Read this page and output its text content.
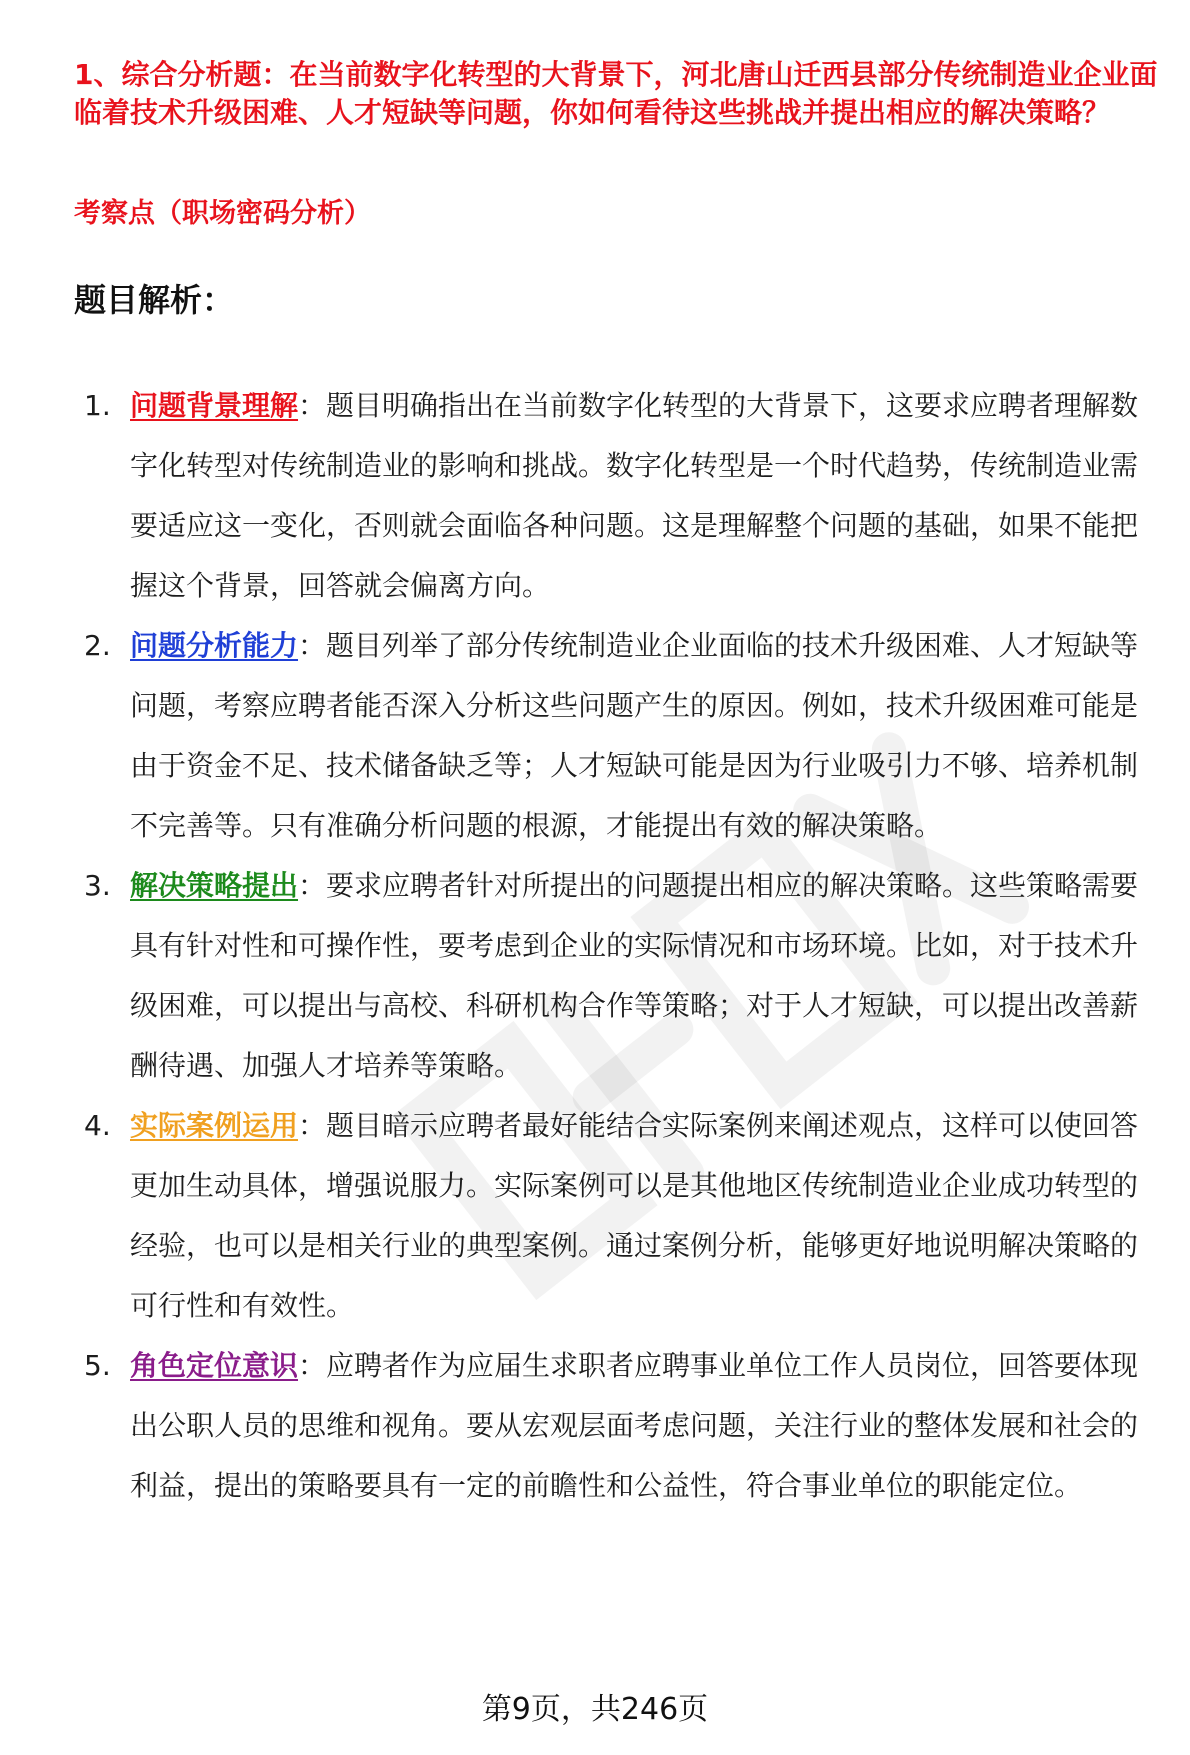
1、综合分析题：在当前数字化转型的大背景下，河北唐山迁西县部分传统制造业企业面临着技术升级困难、人才短缺等问题，你如何看待这些挑战并提出相应的解决策略？

考察点（职场密码分析）

题目解析：
1. 问题背景理解：题目明确指出在当前数字化转型的大背景下，这要求应聘者理解数字化转型对传统制造业的影响和挑战。数字化转型是一个时代趋势，传统制造业需要适应这一变化，否则就会面临各种问题。这是理解整个问题的基础，如果不能把握这个背景，回答就会偏离方向。
2. 问题分析能力：题目列举了部分传统制造业企业面临的技术升级困难、人才短缺等问题，考察应聘者能否深入分析这些问题产生的原因。例如，技术升级困难可能是由于资金不足、技术储备缺乏等；人才短缺可能是因为行业吸引力不够、培养机制不完善等。只有准确分析问题的根源，才能提出有效的解决策略。
3. 解决策略提出：要求应聘者针对所提出的问题提出相应的解决策略。这些策略需要具有针对性和可操作性，要考虑到企业的实际情况和市场环境。比如，对于技术升级困难，可以提出与高校、科研机构合作等策略；对于人才短缺，可以提出改善薪酬待遇、加强人才培养等策略。
4. 实际案例运用：题目暗示应聘者最好能结合实际案例来阐述观点，这样可以使回答更加生动具体，增强说服力。实际案例可以是其他地区传统制造业企业成功转型的经验，也可以是相关行业的典型案例。通过案例分析，能够更好地说明解决策略的可行性和有效性。
5. 角色定位意识：应聘者作为应届生求职者应聘事业单位工作人员岗位，回答要体现出公职人员的思维和视角。要从宏观层面考虑问题，关注行业的整体发展和社会的利益，提出的策略要具有一定的前瞻性和公益性，符合事业单位的职能定位。
第9页，共246页
